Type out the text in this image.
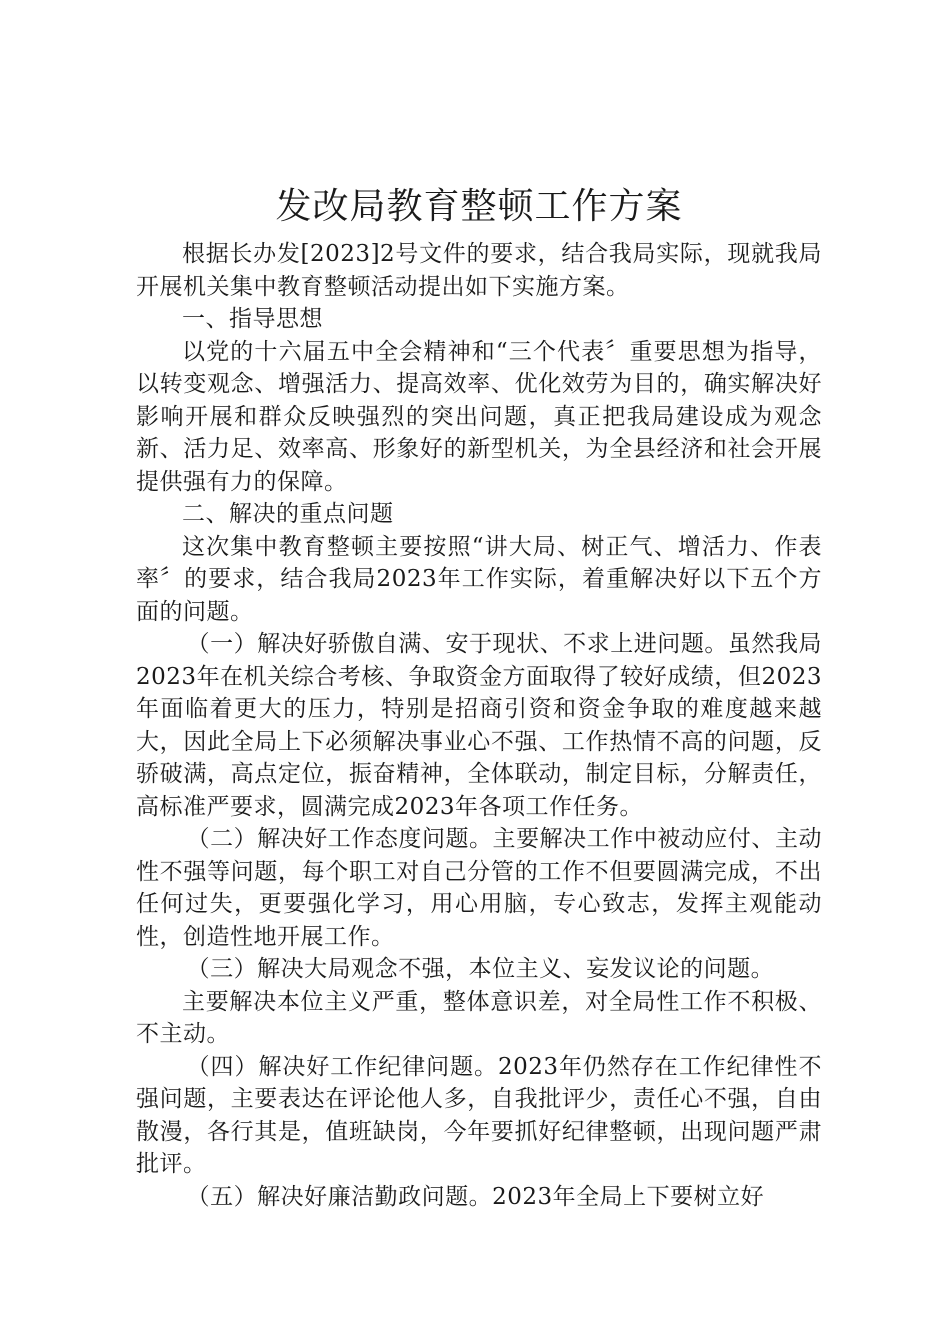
发改局教育整顿工作方案

根据长办发[2023]2号文件的要求，结合我局实际，现就我局开展机关集中教育整顿活动提出如下实施方案。

一、指导思想

以党的十六届五中全会精神和“三个代表〞重要思想为指导，以转变观念、增强活力、提高效率、优化效劳为目的，确实解决好影响开展和群众反映强烈的突出问题，真正把我局建设成为观念新、活力足、效率高、形象好的新型机关，为全县经济和社会开展提供强有力的保障。

二、解决的重点问题

这次集中教育整顿主要按照“讲大局、树正气、增活力、作表率〞的要求，结合我局2023年工作实际，着重解决好以下五个方面的问题。

（一）解决好骄傲自满、安于现状、不求上进问题。虽然我局2023年在机关综合考核、争取资金方面取得了较好成绩，但2023年面临着更大的压力，特别是招商引资和资金争取的难度越来越大，因此全局上下必须解决事业心不强、工作热情不高的问题，反骄破满，高点定位，振奋精神，全体联动，制定目标，分解责任，高标准严要求，圆满完成2023年各项工作任务。

（二）解决好工作态度问题。主要解决工作中被动应付、主动性不强等问题，每个职工对自己分管的工作不但要圆满完成，不出任何过失，更要强化学习，用心用脑，专心致志，发挥主观能动性，创造性地开展工作。

（三）解决大局观念不强，本位主义、妄发议论的问题。

主要解决本位主义严重，整体意识差，对全局性工作不积极、不主动。

（四）解决好工作纪律问题。2023年仍然存在工作纪律性不强问题，主要表达在评论他人多，自我批评少，责任心不强，自由散漫，各行其是，值班缺岗，今年要抓好纪律整顿，出现问题严肃批评。

（五）解决好廉洁勤政问题。2023年全局上下要树立好
